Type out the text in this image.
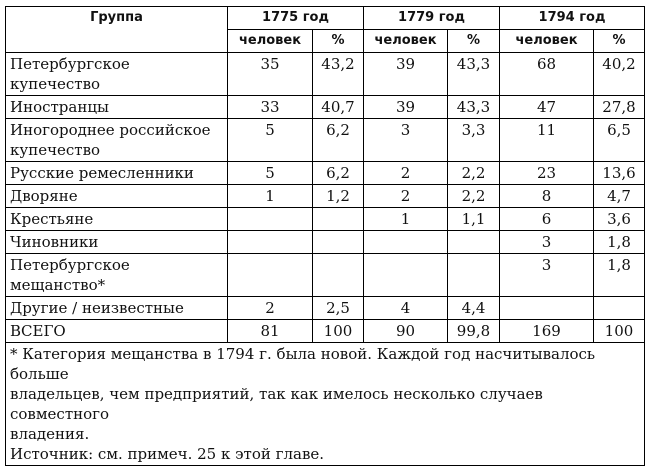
Группа	1775 год		1779 год		1794 год	
	человек	%	человек	%	человек	%

Петербургское
купечество	35	43,2	39	43,3	68	40,2

Иностранцы	33	40,7	39	43,3	47	27,8

Иногороднее российское
купечество	5	6,2	3	3,3	11	6,5

Русские ремесленники	5	6,2	2	2,2	23	13,6

Дворяне	1	1,2	2	2,2	8	4,7

Крестьяне			1	1,1	6	3,6

Чиновники					3	1,8

Петербургское
мещанство*					3	1,8

Другие / неизвестные	2	2,5	4	4,4		

ВСЕГО	81	100	90	99,8	169	100

* Категория мещанства в 1794 г. была новой. Каждой год насчитывалось больше
владельцев, чем предприятий, так как имелось несколько случаев совместного
владения.
Источник: см. примеч. 25 к этой главе.						
